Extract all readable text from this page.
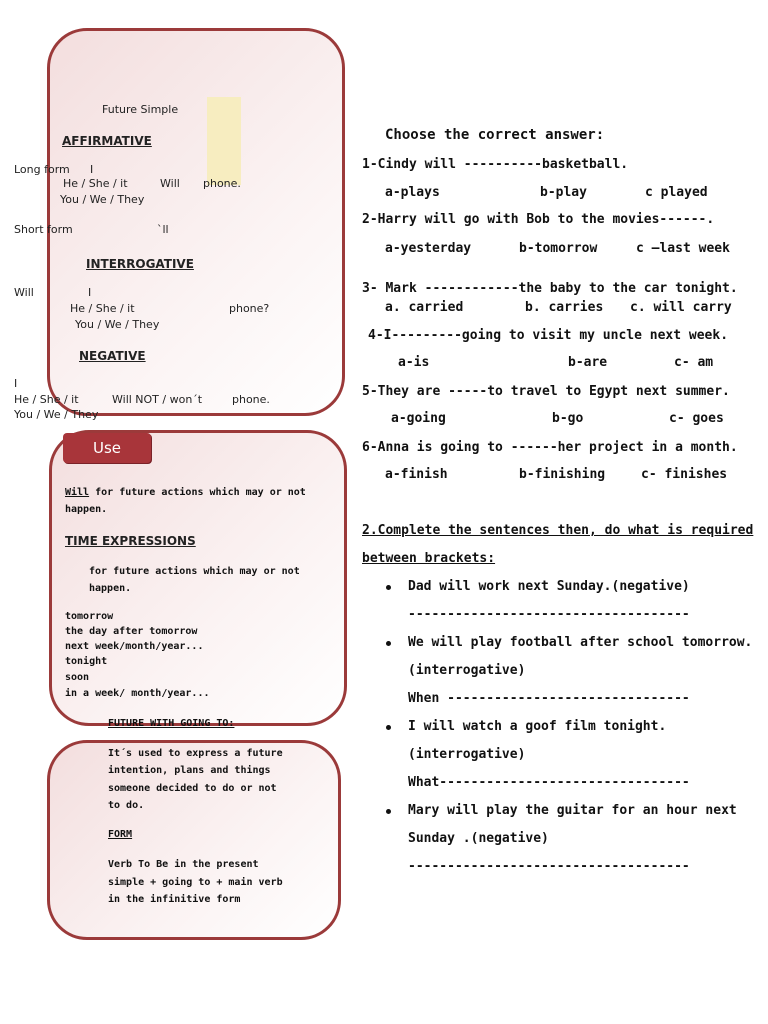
Future Simple
AFFIRMATIVE
Long form I
He / She / it	Will phone.
You / We / They
Short form	`ll
INTERROGATIVE
Will	I
He / She / it	phone?
You / We / They
NEGATIVE
I
He / She / it	Will NOT / won´t	phone.
You / We / They
Use
Will for future actions which may or not
happen.
TIME EXPRESSIONS
for future actions which may or not
happen.
tomorrow
the day after tomorrow
next week/month/year...
tonight
soon
in a week/ month/year...
FUTURE WITH GOING TO:
It´s used to express a future
intention, plans and things
someone decided to do or not
to do.
FORM
Verb To Be in the present
simple + going to + main verb
in the infinitive form
Choose the correct answer:
1-Cindy will ----------basketball.
a-plays	b-play	c played
2-Harry will go with Bob to the movies------.
a-yesterday	b-tomorrow	c –last week
3- Mark ------------the baby to the car tonight.
a. carried	b. carries c. will carry
4-I---------going to visit my uncle next week.
a-is	b-are	c- am
5-They are -----to travel to Egypt next summer.
a-going	b-go	c- goes
6-Anna is going to ------her project in a month.
a-finish	b-finishing	c- finishes
2.Complete the sentences then, do what is required
between brackets:
Dad will work next Sunday.(negative)
------------------------------------
We will play football after school tomorrow.
(interrogative)
When -------------------------------
I will watch a goof film tonight.
(interrogative)
What--------------------------------
Mary will play the guitar for an hour next
Sunday .(negative)
------------------------------------
